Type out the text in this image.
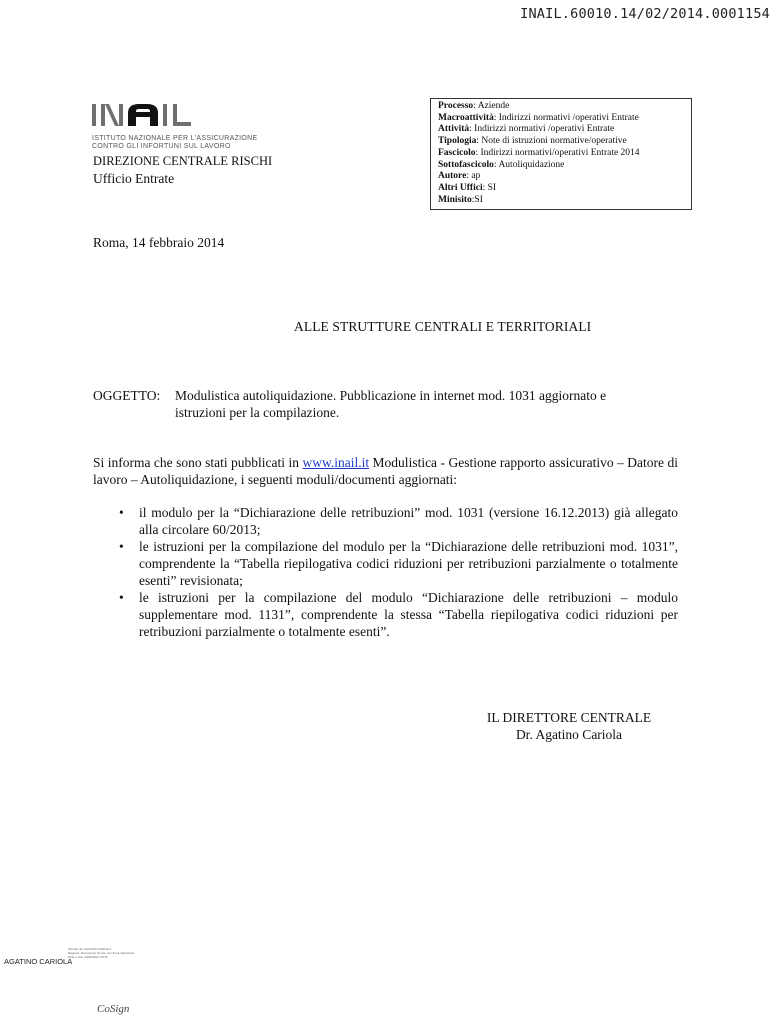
INAIL.60010.14/02/2014.0001154
ISTITUTO NAZIONALE PER L'ASSICURAZIONE
CONTRO GLI INFORTUNI SUL LAVORO
DIREZIONE CENTRALE RISCHI
Ufficio Entrate
Processo: Aziende
Macroattività: Indirizzi normativi /operativi Entrate
Attività: Indirizzi normativi /operativi Entrate
Tipologia: Note di istruzioni normative/operative
Fascicolo: Indirizzi normativi/operativi Entrate 2014
Sottofascicolo: Autoliquidazione
Autore: ap
Altri Uffici: SI
Minisito:SI
Roma, 14 febbraio 2014
ALLE STRUTTURE CENTRALI E TERRITORIALI
OGGETTO: Modulistica autoliquidazione. Pubblicazione in internet mod. 1031 aggiornato e
istruzioni per la compilazione.
Si informa che sono stati pubblicati in www.inail.it Modulistica - Gestione rapporto assicurativo – Datore di lavoro – Autoliquidazione, i seguenti moduli/documenti aggiornati:
• il modulo per la “Dichiarazione delle retribuzioni” mod. 1031 (versione 16.12.2013) già allegato alla circolare 60/2013;
• le istruzioni per la compilazione del modulo per la “Dichiarazione delle retribuzioni mod. 1031”, comprendente la “Tabella riepilogativa codici riduzioni per retribuzioni parzialmente o totalmente esenti” revisionata;
• le istruzioni per la compilazione del modulo “Dichiarazione delle retribuzioni – modulo supplementare mod. 1131”, comprendente la stessa “Tabella riepilogativa codici riduzioni per retribuzioni parzialmente o totalmente esenti”.
IL DIRETTORE CENTRALE
Dr. Agatino Cariola
Firmato da: AGATINO CARIOLA
Ragione: Documento firmato con firma elettronica
Data e Ora: 14/02/2014 09:46
AGATINO CARIOLA
CoSign
